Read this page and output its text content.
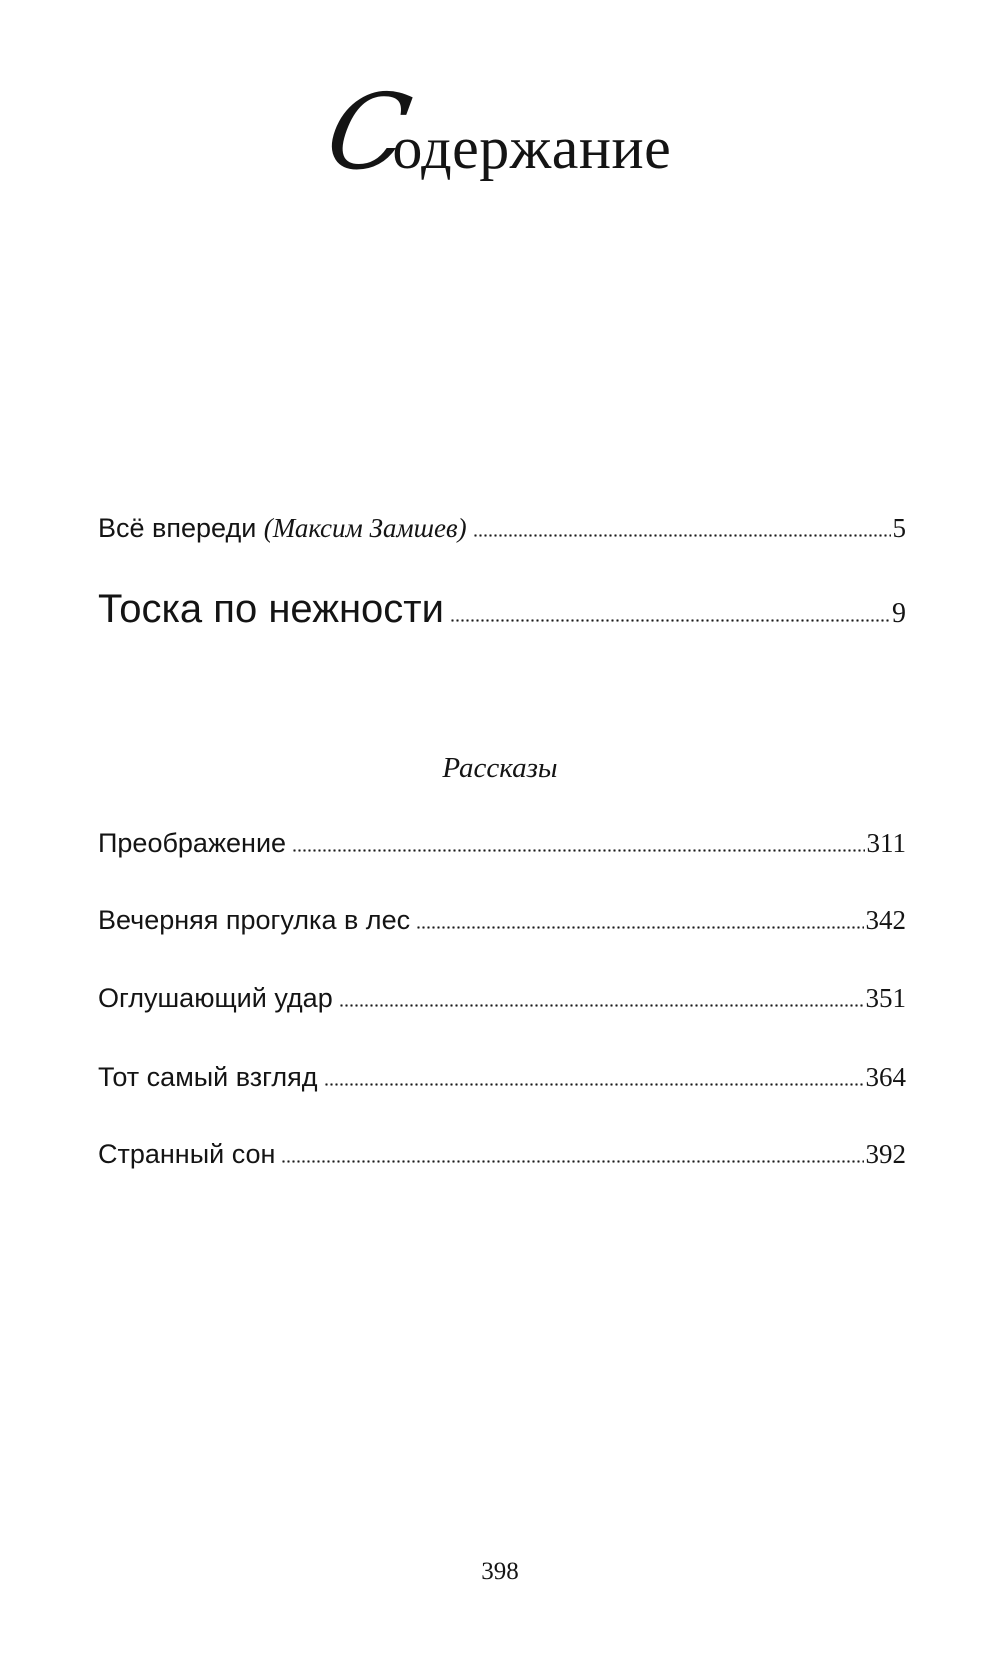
Содержание
Всё впереди (Максим Замшев)	5
Тоска по нежности	9
Рассказы
Преображение	311
Вечерняя прогулка в лес	342
Оглушающий удар	351
Тот самый взгляд	364
Странный сон	392
398
